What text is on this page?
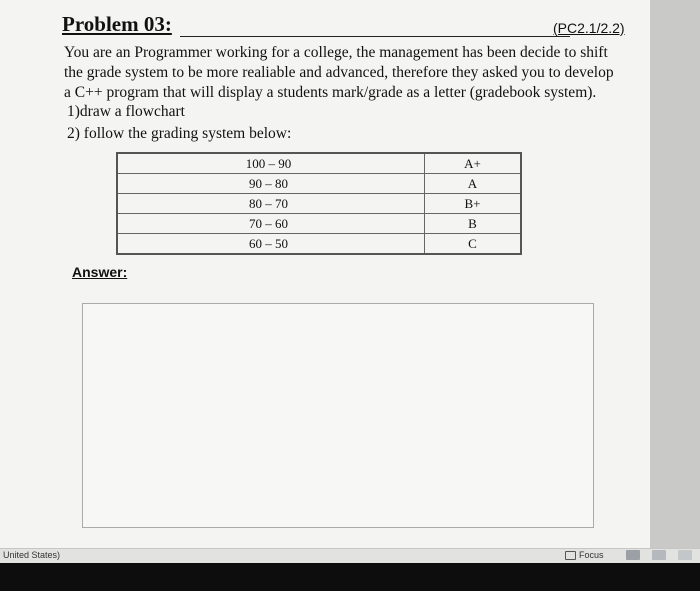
Problem 03:	(PC2.1/2.2)

You are an Programmer working for a college, the management has been decide to shift

the grade system to be more realiable and advanced, therefore they asked you to develop

a C++ program that will display a students mark/grade as a letter (gradebook system).

1)draw a flowchart
2) follow the grading system below:
100 – 90	A+
90 – 80	A
80 – 70	B+
70 – 60	B
60 – 50	C
Answer:
United States)	Focus
